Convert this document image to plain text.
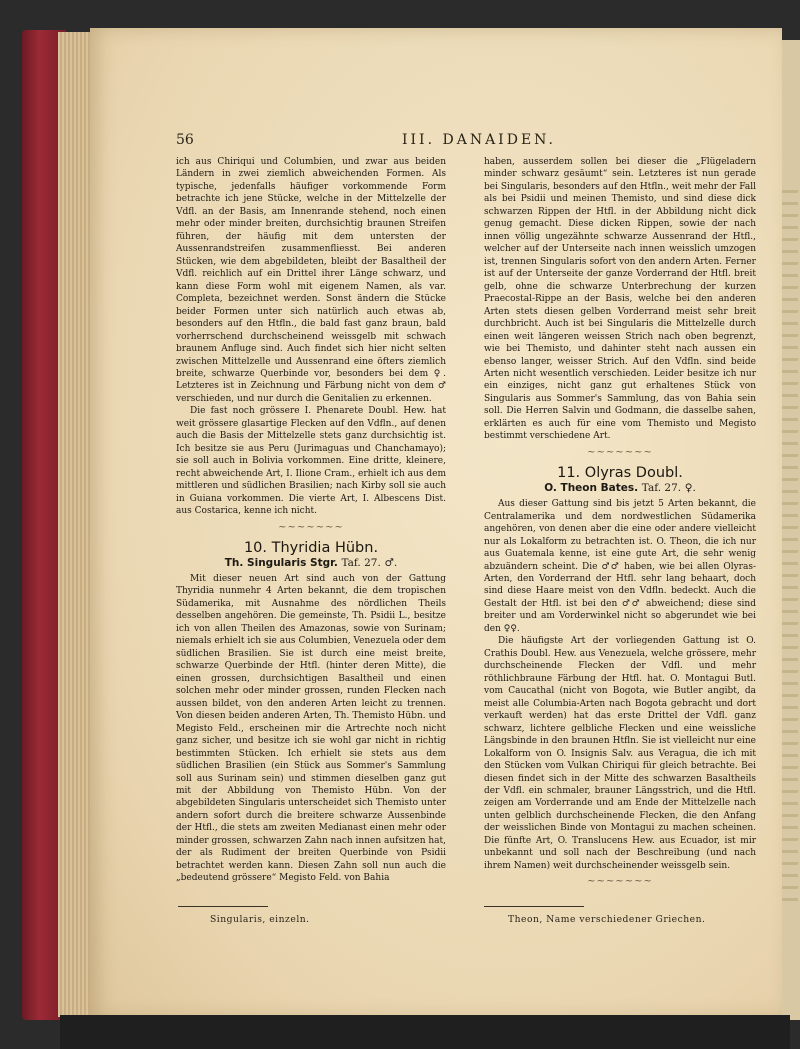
56	III. DANAIDEN.

ich aus Chiriqui und Columbien, und zwar aus beiden Ländern in zwei ziemlich abweichenden Formen. Als typische, jedenfalls häufiger vorkommende Form betrachte ich jene Stücke, welche in der Mittelzelle der Vdfl. an der Basis, am Innenrande stehend, noch einen mehr oder minder breiten, durchsichtig braunen Streifen führen, der häufig mit dem untersten der Aussenrandstreifen zusammenfliesst. Bei anderen Stücken, wie dem abgebildeten, bleibt der Basaltheil der Vdfl. reichlich auf ein Drittel ihrer Länge schwarz, und kann diese Form wohl mit eigenem Namen, als var. Completa, bezeichnet werden. Sonst ändern die Stücke beider Formen unter sich natürlich auch etwas ab, besonders auf den Htfln., die bald fast ganz braun, bald vorherrschend durchscheinend weissgelb mit schwach braunem Anfluge sind. Auch findet sich hier nicht selten zwischen Mittelzelle und Aussenrand eine öfters ziemlich breite, schwarze Querbinde vor, besonders bei dem ♀. Letzteres ist in Zeichnung und Färbung nicht von dem ♂ verschieden, und nur durch die Genitalien zu erkennen.

Die fast noch grössere I. Phenarete Doubl. Hew. hat weit grössere glasartige Flecken auf den Vdfln., auf denen auch die Basis der Mittelzelle stets ganz durchsichtig ist. Ich besitze sie aus Peru (Jurimaguas und Chanchamayo); sie soll auch in Bolivia vorkommen. Eine dritte, kleinere, recht abweichende Art, I. Ilione Cram., erhielt ich aus dem mittleren und südlichen Brasilien; nach Kirby soll sie auch in Guiana vorkommen. Die vierte Art, I. Albescens Dist. aus Costarica, kenne ich nicht.

~~~~~~~
10. Thyridia Hübn.
Th. Singularis Stgr. Taf. 27. ♂.

Mit dieser neuen Art sind auch von der Gattung Thyridia nunmehr 4 Arten bekannt, die dem tropischen Südamerika, mit Ausnahme des nördlichen Theils desselben angehören. Die gemeinste, Th. Psidii L., besitze ich von allen Theilen des Amazonas, sowie von Surinam; niemals erhielt ich sie aus Columbien, Venezuela oder dem südlichen Brasilien. Sie ist durch eine meist breite, schwarze Querbinde der Htfl. (hinter deren Mitte), die einen grossen, durchsichtigen Basaltheil und einen solchen mehr oder minder grossen, runden Flecken nach aussen bildet, von den anderen Arten leicht zu trennen. Von diesen beiden anderen Arten, Th. Themisto Hübn. und Megisto Feld., erscheinen mir die Artrechte noch nicht ganz sicher, und besitze ich sie wohl gar nicht in richtig bestimmten Stücken. Ich erhielt sie stets aus dem südlichen Brasilien (ein Stück aus Sommer's Sammlung soll aus Surinam sein) und stimmen dieselben ganz gut mit der Abbildung von Themisto Hübn. Von der abgebildeten Singularis unterscheidet sich Themisto unter andern sofort durch die breitere schwarze Aussenbinde der Htfl., die stets am zweiten Medianast einen mehr oder minder grossen, schwarzen Zahn nach innen aufsitzen hat, der als Rudiment der breiten Querbinde von Psidii betrachtet werden kann. Diesen Zahn soll nun auch die „bedeutend grössere“ Megisto Feld. von Bahia

haben, ausserdem sollen bei dieser die „Flügeladern minder schwarz gesäumt“ sein. Letzteres ist nun gerade bei Singularis, besonders auf den Htfln., weit mehr der Fall als bei Psidii und meinen Themisto, und sind diese dick schwarzen Rippen der Htfl. in der Abbildung nicht dick genug gemacht. Diese dicken Rippen, sowie der nach innen völlig ungezähnte schwarze Aussenrand der Htfl., welcher auf der Unterseite nach innen weisslich umzogen ist, trennen Singularis sofort von den andern Arten. Ferner ist auf der Unterseite der ganze Vorderrand der Htfl. breit gelb, ohne die schwarze Unterbrechung der kurzen Praecostal-Rippe an der Basis, welche bei den anderen Arten stets diesen gelben Vorderrand meist sehr breit durchbricht. Auch ist bei Singularis die Mittelzelle durch einen weit längeren weissen Strich nach oben begrenzt, wie bei Themisto, und dahinter steht nach aussen ein ebenso langer, weisser Strich. Auf den Vdfln. sind beide Arten nicht wesentlich verschieden. Leider besitze ich nur ein einziges, nicht ganz gut erhaltenes Stück von Singularis aus Sommer's Sammlung, das von Bahia sein soll. Die Herren Salvin und Godmann, die dasselbe sahen, erklärten es auch für eine vom Themisto und Megisto bestimmt verschiedene Art.

~~~~~~~
11. Olyras Doubl.
O. Theon Bates. Taf. 27. ♀.

Aus dieser Gattung sind bis jetzt 5 Arten bekannt, die Centralamerika und dem nordwestlichen Südamerika angehören, von denen aber die eine oder andere vielleicht nur als Lokalform zu betrachten ist. O. Theon, die ich nur aus Guatemala kenne, ist eine gute Art, die sehr wenig abzuändern scheint. Die ♂♂ haben, wie bei allen Olyras-Arten, den Vorderrand der Htfl. sehr lang behaart, doch sind diese Haare meist von den Vdfln. bedeckt. Auch die Gestalt der Htfl. ist bei den ♂♂ abweichend; diese sind breiter und am Vorderwinkel nicht so abgerundet wie bei den ♀♀.

Die häufigste Art der vorliegenden Gattung ist O. Crathis Doubl. Hew. aus Venezuela, welche grössere, mehr durchscheinende Flecken der Vdfl. und mehr röthlichbraune Färbung der Htfl. hat. O. Montagui Butl. vom Caucathal (nicht von Bogota, wie Butler angibt, da meist alle Columbia-Arten nach Bogota gebracht und dort verkauft werden) hat das erste Drittel der Vdfl. ganz schwarz, lichtere gelbliche Flecken und eine weissliche Längsbinde in den braunen Htfln. Sie ist vielleicht nur eine Lokalform von O. Insignis Salv. aus Veragua, die ich mit den Stücken vom Vulkan Chiriqui für gleich betrachte. Bei diesen findet sich in der Mitte des schwarzen Basaltheils der Vdfl. ein schmaler, brauner Längsstrich, und die Htfl. zeigen am Vorderrande und am Ende der Mittelzelle nach unten gelblich durchscheinende Flecken, die den Anfang der weisslichen Binde von Montagui zu machen scheinen. Die fünfte Art, O. Translucens Hew. aus Ecuador, ist mir unbekannt und soll nach der Beschreibung (und nach ihrem Namen) weit durchscheinender weissgelb sein.

~~~~~~~
Singularis, einzeln.	Theon, Name verschiedener Griechen.
